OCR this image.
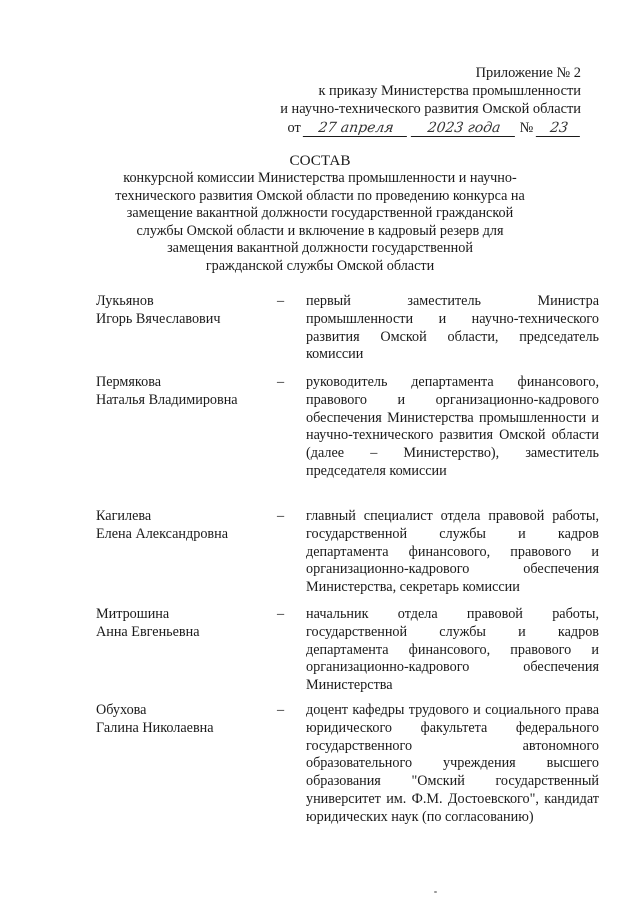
Приложение № 2
к приказу Министерства промышленности
и научно-технического развития Омской области
от 27 апреля 2023 года № 23
СОСТАВ
конкурсной комиссии Министерства промышленности и научно-
технического развития Омской области по проведению конкурса на
замещение вакантной должности государственной гражданской
службы Омской области и включение в кадровый резерв для
замещения вакантной должности государственной
гражданской службы Омской области
Лукьянов
Игорь Вячеславович
– первый заместитель Министра промышленности и научно-технического развития Омской области, председатель комиссии
Пермякова
Наталья Владимировна
– руководитель департамента финансового, правового и организационно-кадрового обеспечения Министерства промышленности и научно-технического развития Омской области (далее – Министерство), заместитель председателя комиссии
Кагилева
Елена Александровна
– главный специалист отдела правовой работы, государственной службы и кадров департамента финансового, правового и организационно-кадрового обеспечения Министерства, секретарь комиссии
Митрошина
Анна Евгеньевна
– начальник отдела правовой работы, государственной службы и кадров департамента финансового, правового и организационно-кадрового обеспечения Министерства
Обухова
Галина Николаевна
– доцент кафедры трудового и социального права юридического факультета федерального государственного автономного образовательного учреждения высшего образования "Омский государственный университет им. Ф.М. Достоевского", кандидат юридических наук (по согласованию)
